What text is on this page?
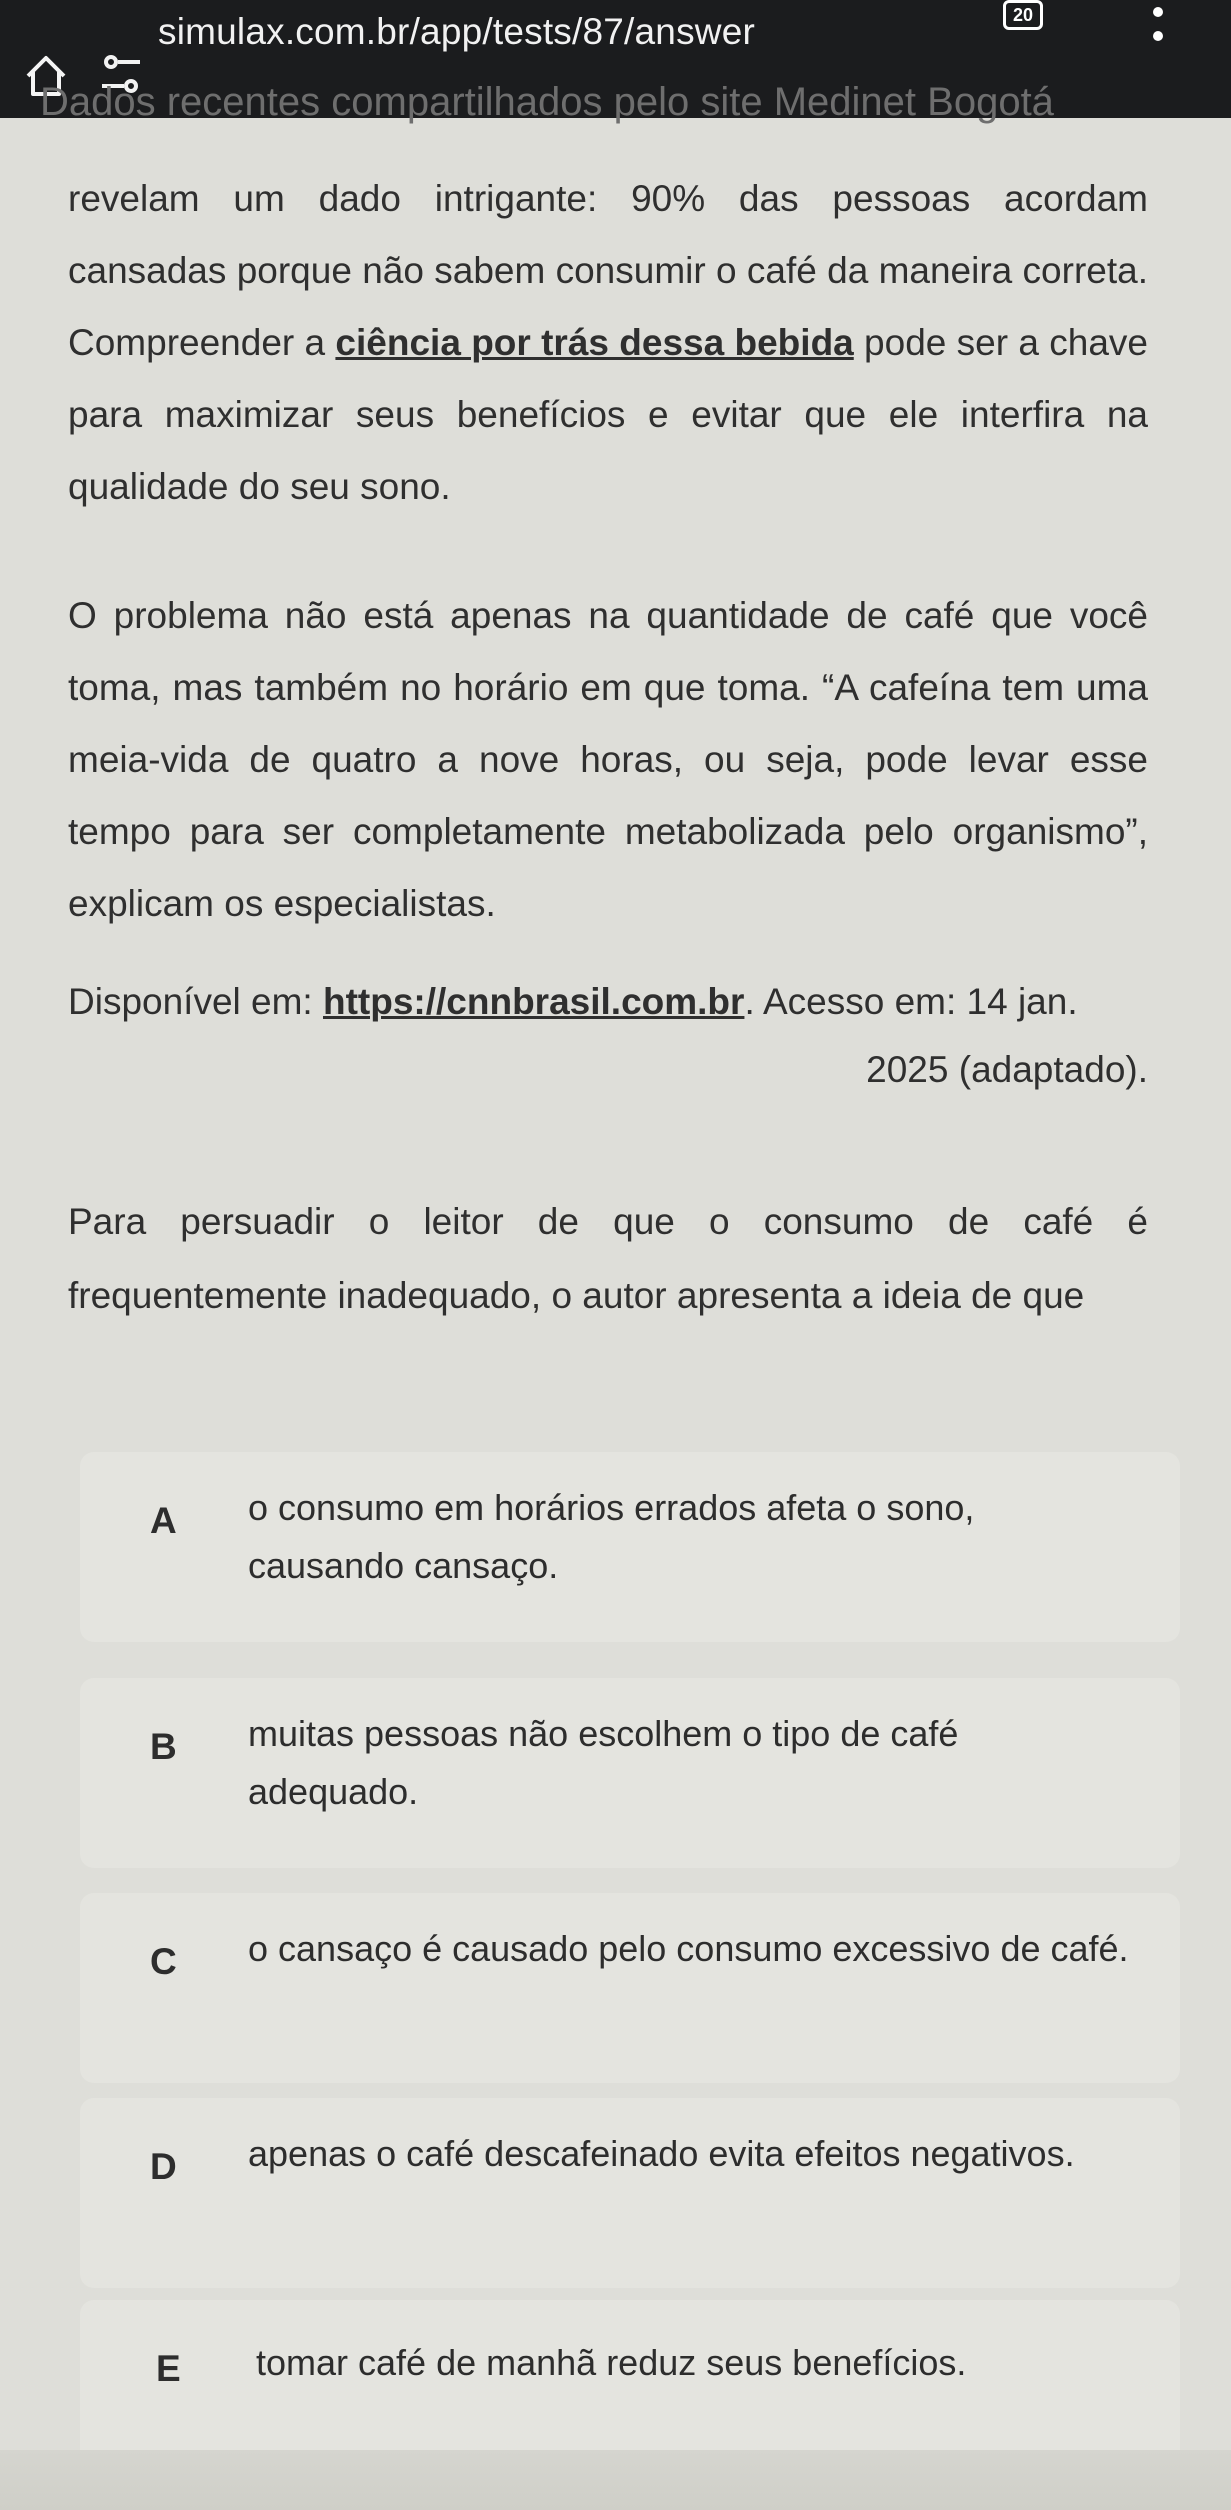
simulax.com.br/app/tests/87/answer	20
Dados recentes compartilhados pelo site Medinet Bogotá

revelam um dado intrigante: 90% das pessoas acordam cansadas porque não sabem consumir o café da maneira correta. Compreender a ciência por trás dessa bebida pode ser a chave para maximizar seus benefícios e evitar que ele interfira na qualidade do seu sono.

O problema não está apenas na quantidade de café que você toma, mas também no horário em que toma. “A cafeína tem uma meia-vida de quatro a nove horas, ou seja, pode levar esse tempo para ser completamente metabolizada pelo organismo”, explicam os especialistas.

Disponível em: https://cnnbrasil.com.br. Acesso em: 14 jan.
2025 (adaptado).

Para persuadir o leitor de que o consumo de café é frequentemente inadequado, o autor apresenta a ideia de que

A o consumo em horários errados afeta o sono, causando cansaço.
B muitas pessoas não escolhem o tipo de café adequado.
C o cansaço é causado pelo consumo excessivo de café.
D apenas o café descafeinado evita efeitos negativos.
E tomar café de manhã reduz seus benefícios.
